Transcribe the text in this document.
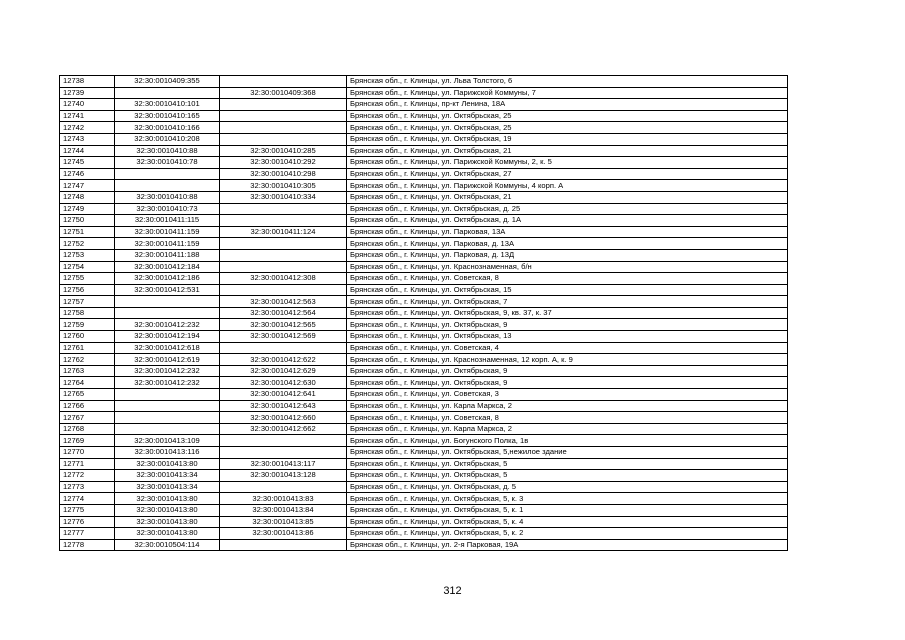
12738	32:30:0010409:355		Брянская обл., г. Клинцы, ул. Льва Толстого, 6
12739		32:30:0010409:368	Брянская обл., г. Клинцы, ул. Парижской Коммуны, 7
12740	32:30:0010410:101		Брянская обл., г. Клинцы, пр-кт Ленина, 18А
12741	32:30:0010410:165		Брянская обл., г. Клинцы, ул. Октябрьская, 25
12742	32:30:0010410:166		Брянская обл., г. Клинцы, ул. Октябрьская, 25
12743	32:30:0010410:208		Брянская обл., г. Клинцы, ул. Октябрьская, 19
12744	32:30:0010410:88	32:30:0010410:285	Брянская обл., г. Клинцы, ул. Октябрьская, 21
12745	32:30:0010410:78	32:30:0010410:292	Брянская обл., г. Клинцы, ул. Парижской Коммуны, 2, к. 5
12746		32:30:0010410:298	Брянская обл., г. Клинцы, ул. Октябрьская, 27
12747		32:30:0010410:305	Брянская обл., г. Клинцы, ул. Парижской Коммуны, 4 корп. А
12748	32:30:0010410:88	32:30:0010410:334	Брянская обл., г. Клинцы, ул. Октябрьская, 21
12749	32:30:0010410:73		Брянская обл., г. Клинцы, ул. Октябрьская, д. 25
12750	32:30:0010411:115		Брянская обл., г. Клинцы, ул. Октябрьская, д. 1А
12751	32:30:0010411:159	32:30:0010411:124	Брянская обл., г. Клинцы, ул. Парковая, 13А
12752	32:30:0010411:159		Брянская обл., г. Клинцы, ул. Парковая, д. 13А
12753	32:30:0010411:188		Брянская обл., г. Клинцы, ул. Парковая, д. 13Д
12754	32:30:0010412:184		Брянская обл., г. Клинцы, ул. Краснознаменная, б/н
12755	32:30:0010412:186	32:30:0010412:308	Брянская обл., г. Клинцы, ул. Советская, 8
12756	32:30:0010412:531		Брянская обл., г. Клинцы, ул. Октябрьская, 15
12757		32:30:0010412:563	Брянская обл., г. Клинцы, ул. Октябрьская, 7
12758		32:30:0010412:564	Брянская обл., г. Клинцы, ул. Октябрьская, 9, кв. 37, к. 37
12759	32:30:0010412:232	32:30:0010412:565	Брянская обл., г. Клинцы, ул. Октябрьская, 9
12760	32:30:0010412:194	32:30:0010412:569	Брянская обл., г. Клинцы, ул. Октябрьская, 13
12761	32:30:0010412:618		Брянская обл., г. Клинцы, ул. Советская, 4
12762	32:30:0010412:619	32:30:0010412:622	Брянская обл., г. Клинцы, ул. Краснознаменная, 12 корп. А, к. 9
12763	32:30:0010412:232	32:30:0010412:629	Брянская обл., г. Клинцы, ул. Октябрьская, 9
12764	32:30:0010412:232	32:30:0010412:630	Брянская обл., г. Клинцы, ул. Октябрьская, 9
12765		32:30:0010412:641	Брянская обл., г. Клинцы, ул. Советская, 3
12766		32:30:0010412:643	Брянская обл., г. Клинцы, ул. Карла Маркса, 2
12767		32:30:0010412:660	Брянская обл., г. Клинцы, ул. Советская, 8
12768		32:30:0010412:662	Брянская обл., г. Клинцы, ул. Карла Маркса, 2
12769	32:30:0010413:109		Брянская обл., г. Клинцы, ул. Богунского Полка, 1в
12770	32:30:0010413:116		Брянская обл., г. Клинцы, ул. Октябрьская, 5,нежилое здание
12771	32:30:0010413:80	32:30:0010413:117	Брянская обл., г. Клинцы, ул. Октябрьская, 5
12772	32:30:0010413:34	32:30:0010413:128	Брянская обл., г. Клинцы, ул. Октябрьская, 5
12773	32:30:0010413:34		Брянская обл., г. Клинцы, ул. Октябрьская, д. 5
12774	32:30:0010413:80	32:30:0010413:83	Брянская обл., г. Клинцы, ул. Октябрьская, 5, к. 3
12775	32:30:0010413:80	32:30:0010413:84	Брянская обл., г. Клинцы, ул. Октябрьская, 5, к. 1
12776	32:30:0010413:80	32:30:0010413:85	Брянская обл., г. Клинцы, ул. Октябрьская, 5, к. 4
12777	32:30:0010413:80	32:30:0010413:86	Брянская обл., г. Клинцы, ул. Октябрьская, 5, к. 2
12778	32:30:0010504:114		Брянская обл., г. Клинцы, ул. 2-я Парковая, 19А
312
